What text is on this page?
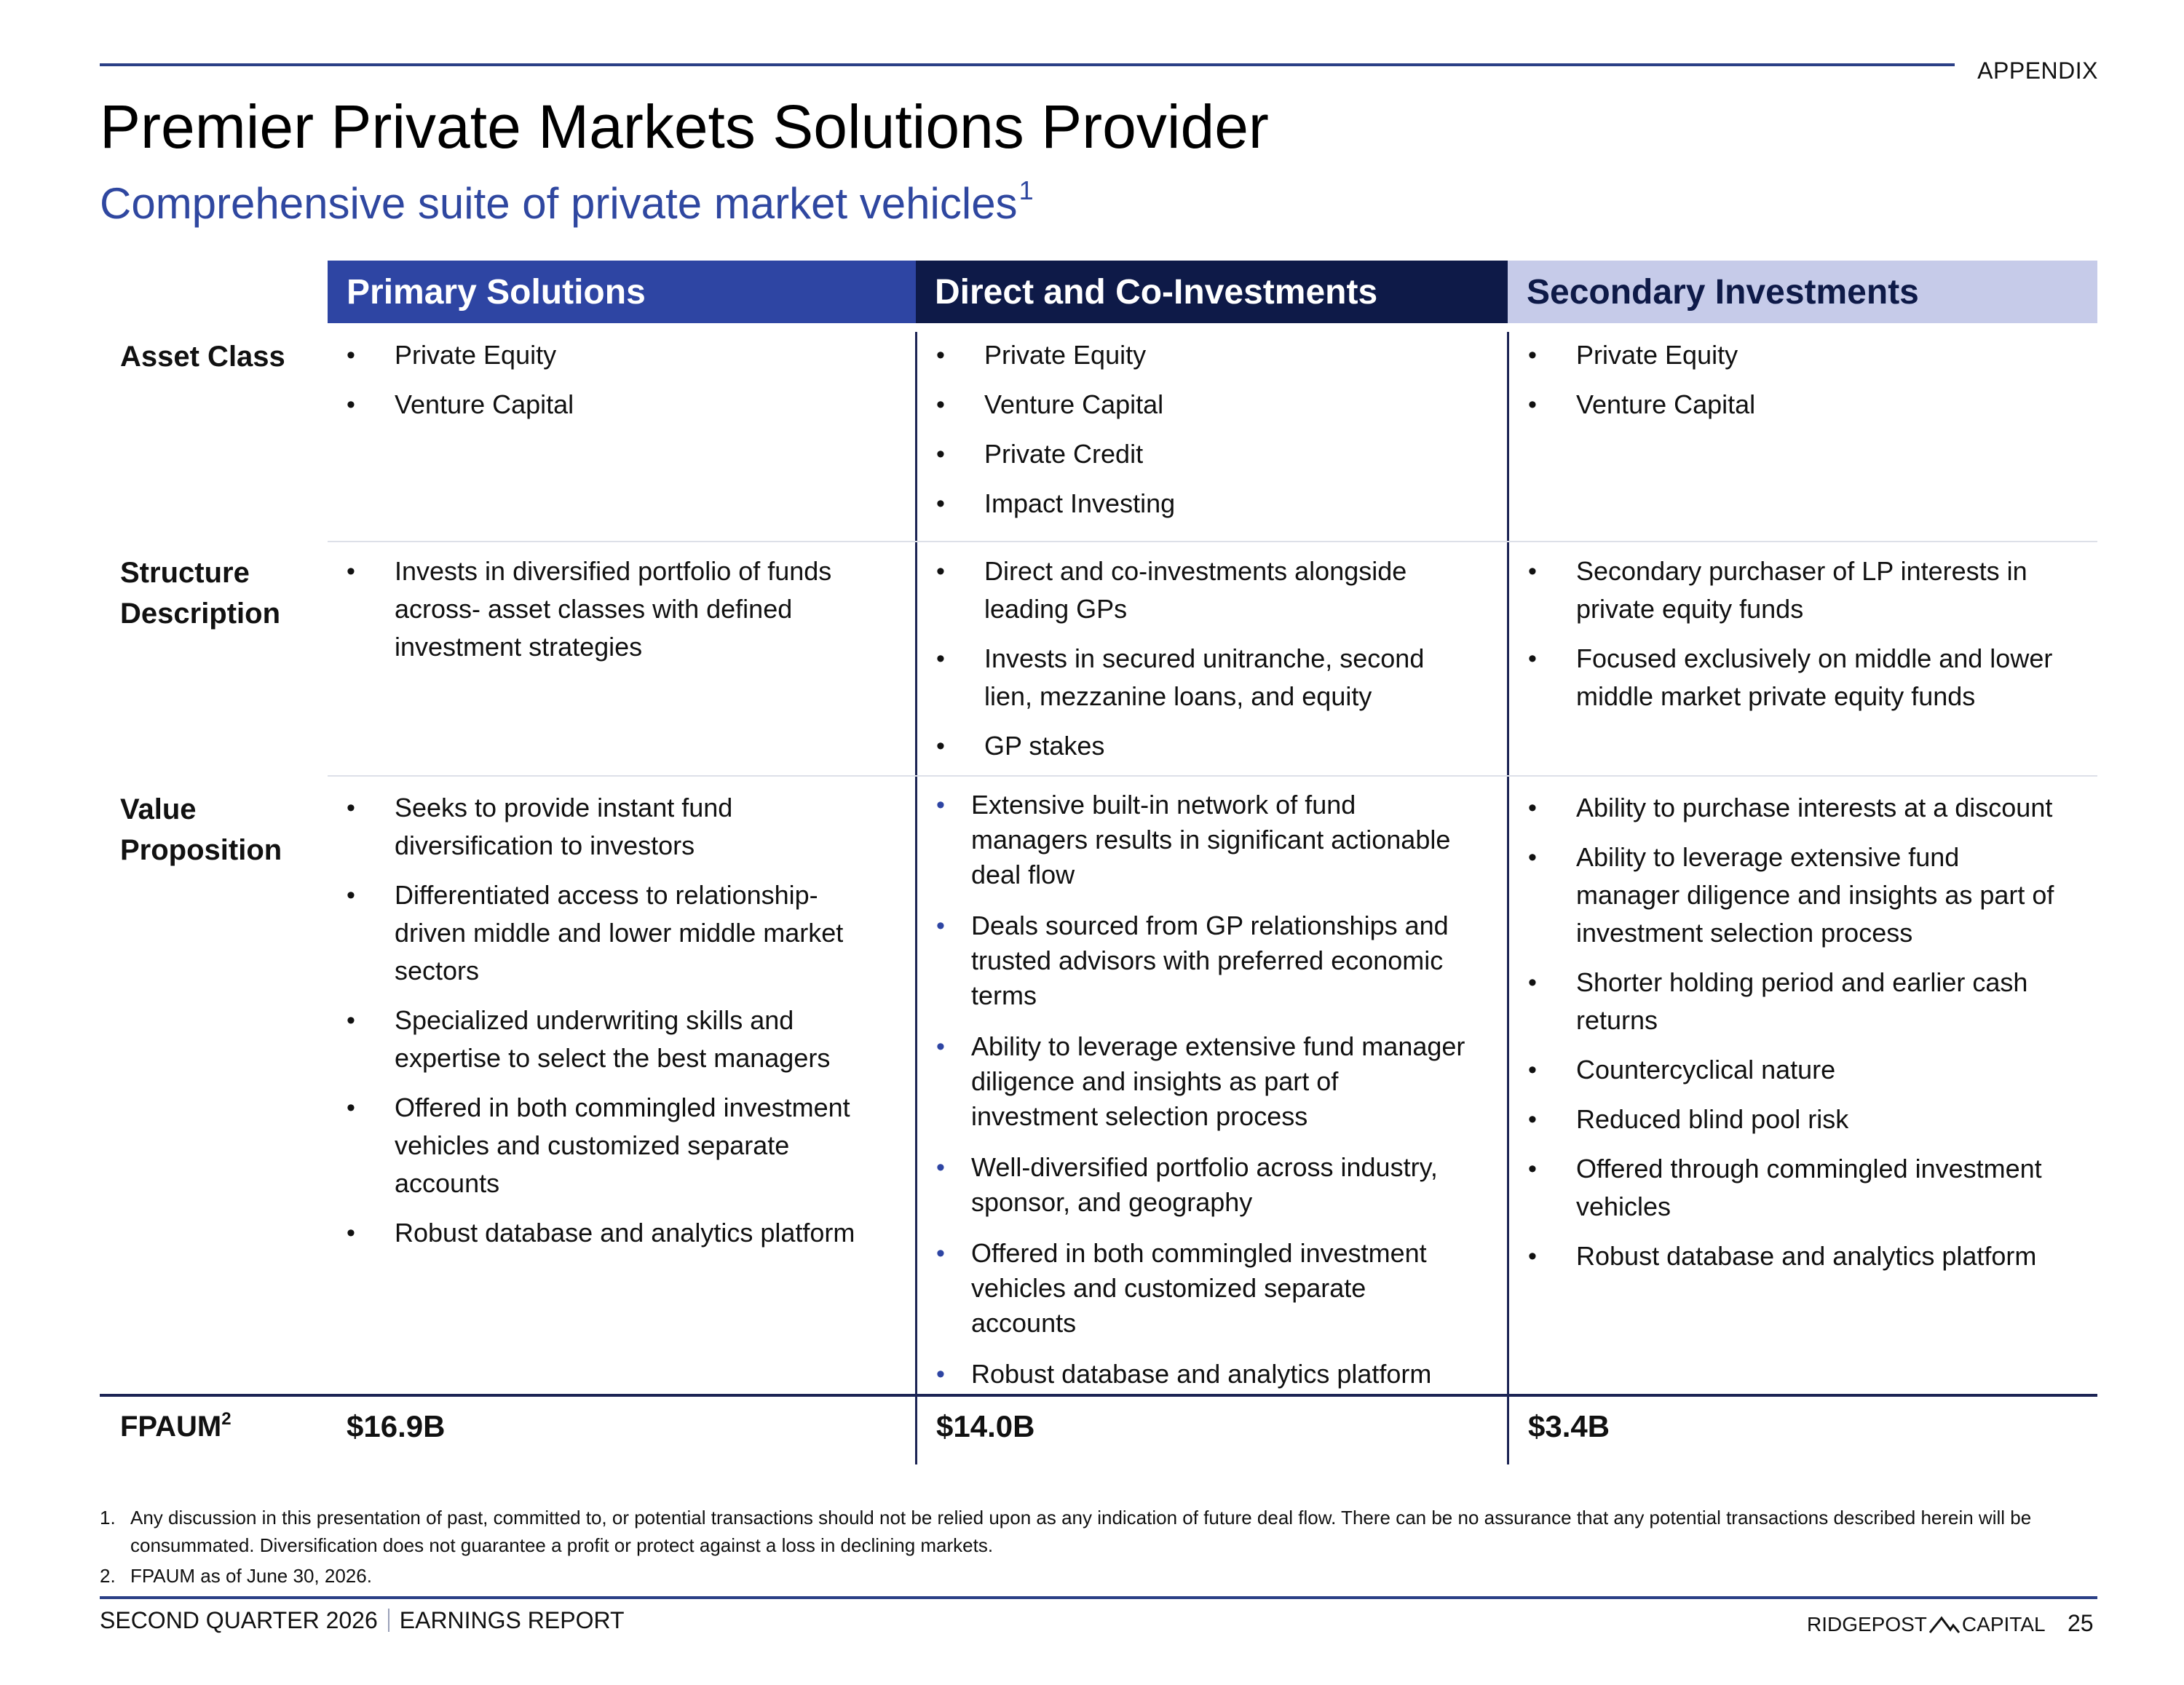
APPENDIX
Premier Private Markets Solutions Provider
Comprehensive suite of private market vehicles$^1$
Primary Solutions	Direct and Co-Investments	Secondary Investments
Asset Class
•	Private Equity
• Venture Capital
• Private Equity
• Venture Capital
• Private Credit
• Impact Investing
• Private Equity
• Venture Capital
Structure
Description
• Invests in diversified portfolio of funds across- asset classes with defined investment strategies
• Direct and co-investments alongside leading GPs
• Invests in secured unitranche, second lien, mezzanine loans, and equity
• GP stakes
• Secondary purchaser of LP interests in private equity funds
• Focused exclusively on middle and lower middle market private equity funds
Value
Proposition
• Seeks to provide instant fund diversification to investors
• Differentiated access to relationship-driven middle and lower middle market sectors
• Specialized underwriting skills and expertise to select the best managers
• Offered in both commingled investment vehicles and customized separate accounts
• Robust database and analytics platform
• Extensive built-in network of fund managers results in significant actionable deal flow
• Deals sourced from GP relationships and trusted advisors with preferred economic terms
• Ability to leverage extensive fund manager diligence and insights as part of investment selection process
• Well-diversified portfolio across industry, sponsor, and geography
• Offered in both commingled investment vehicles and customized separate accounts
• Robust database and analytics platform
• Ability to purchase interests at a discount
• Ability to leverage extensive fund manager diligence and insights as part of investment selection process
• Shorter holding period and earlier cash returns
• Countercyclical nature
• Reduced blind pool risk
• Offered through commingled investment vehicles
• Robust database and analytics platform
FPAUM$^2$	$16.9B	$14.0B	$3.4B
1. Any discussion in this presentation of past, committed to, or potential transactions should not be relied upon as any indication of future deal flow. There can be no assurance that any potential transactions described herein will be consummated. Diversification does not guarantee a profit or protect against a loss in declining markets.
2. FPAUM as of June 30, 2026.
SECOND QUARTER 2026 EARNINGS REPORT	RIDGEPOST CAPITAL 25
